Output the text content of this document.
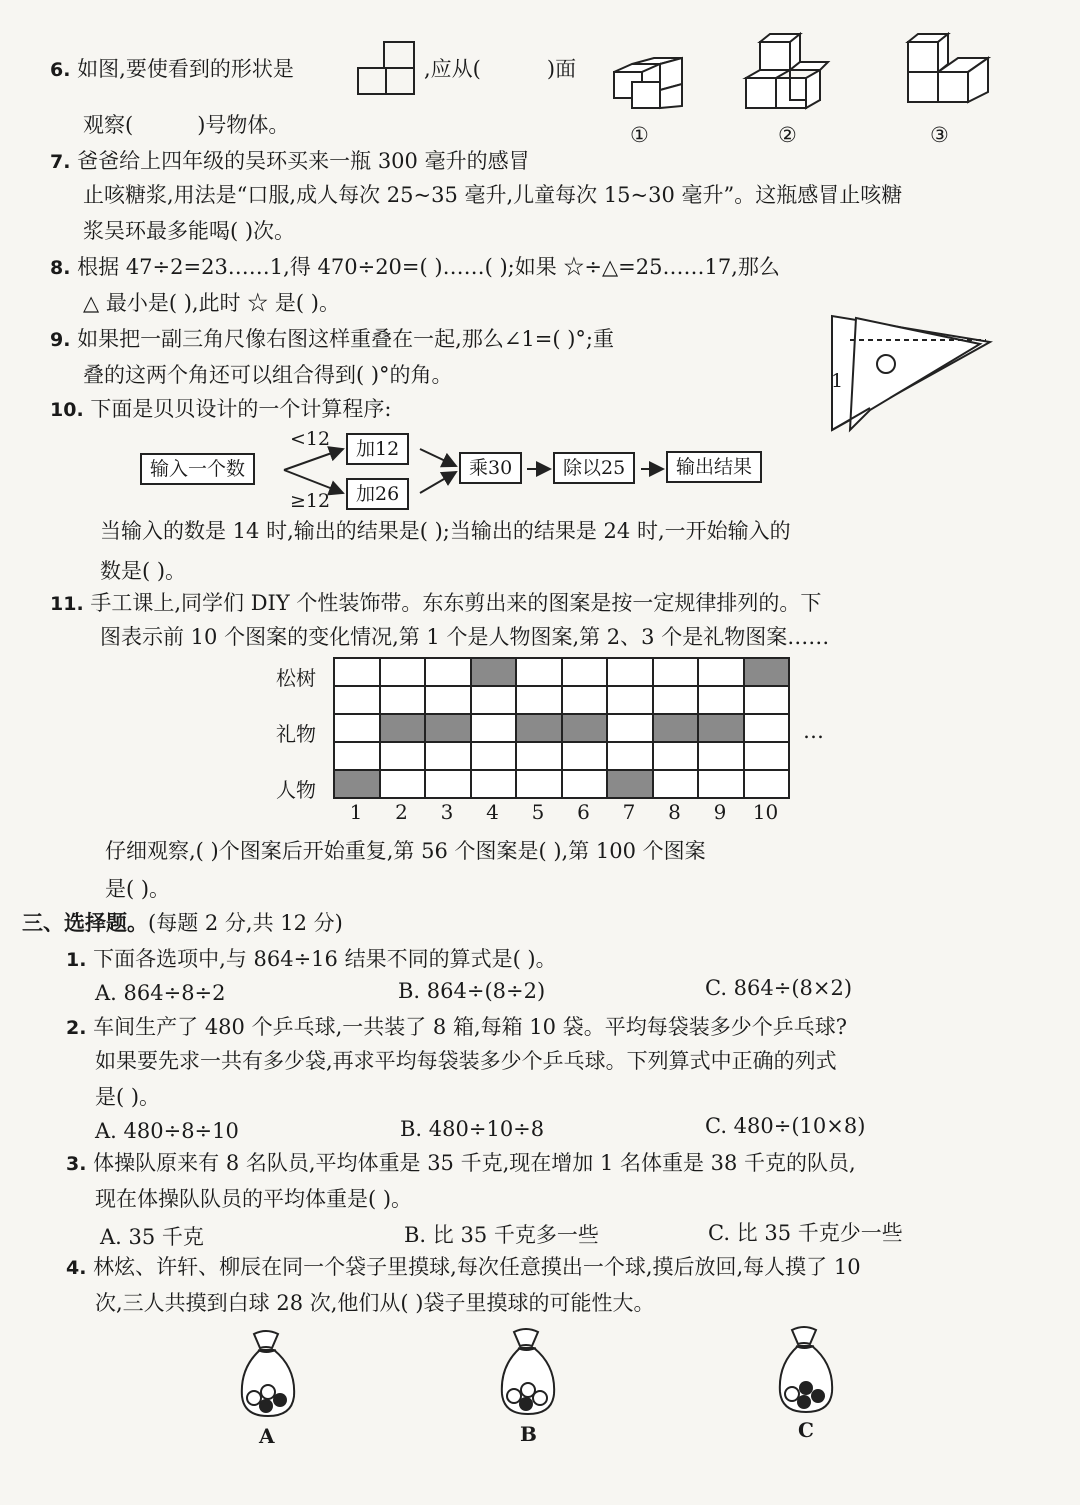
6. 如图,要使看到的形状是	,应从(	)面
观察(	)号物体。	①	②	③
7. 爸爸给上四年级的吴环买来一瓶 300 毫升的感冒
止咳糖浆,用法是“口服,成人每次 25~35 毫升,儿童每次 15~30 毫升”。这瓶感冒止咳糖
浆吴环最多能喝( )次。
8. 根据 47÷2=23……1,得 470÷20=( )……( );如果 ☆÷△=25……17,那么
△ 最小是( ),此时 ☆ 是( )。
9. 如果把一副三角尺像右图这样重叠在一起,那么∠1=( )°;重
叠的这两个角还可以组合得到( )°的角。	1
10. 下面是贝贝设计的一个计算程序:
输入一个数
<12
≥12
加12
加26
乘30	除以25	输出结果
当输入的数是 14 时,输出的结果是( );当输出的结果是 24 时,一开始输入的
数是( )。
11. 手工课上,同学们 DIY 个性装饰带。东东剪出来的图案是按一定规律排列的。下
图表示前 10 个图案的变化情况,第 1 个是人物图案,第 2、3 个是礼物图案……
松树
礼物
人物

…
1	2	3	4	5	6	7	8	9	10
仔细观察,( )个图案后开始重复,第 56 个图案是( ),第 100 个图案
是( )。
三、选择题。(每题 2 分,共 12 分)
1. 下面各选项中,与 864÷16 结果不同的算式是( )。
A. 864÷8÷2	B. 864÷(8÷2)	C. 864÷(8×2)
2. 车间生产了 480 个乒乓球,一共装了 8 箱,每箱 10 袋。平均每袋装多少个乒乓球?
如果要先求一共有多少袋,再求平均每袋装多少个乒乓球。下列算式中正确的列式
是( )。
A. 480÷8÷10	B. 480÷10÷8	C. 480÷(10×8)
3. 体操队原来有 8 名队员,平均体重是 35 千克,现在增加 1 名体重是 38 千克的队员,
现在体操队队员的平均体重是( )。
A. 35 千克	B. 比 35 千克多一些	C. 比 35 千克少一些
4. 林炫、许轩、柳辰在同一个袋子里摸球,每次任意摸出一个球,摸后放回,每人摸了 10
次,三人共摸到白球 28 次,他们从( )袋子里摸球的可能性大。
A	B	C
